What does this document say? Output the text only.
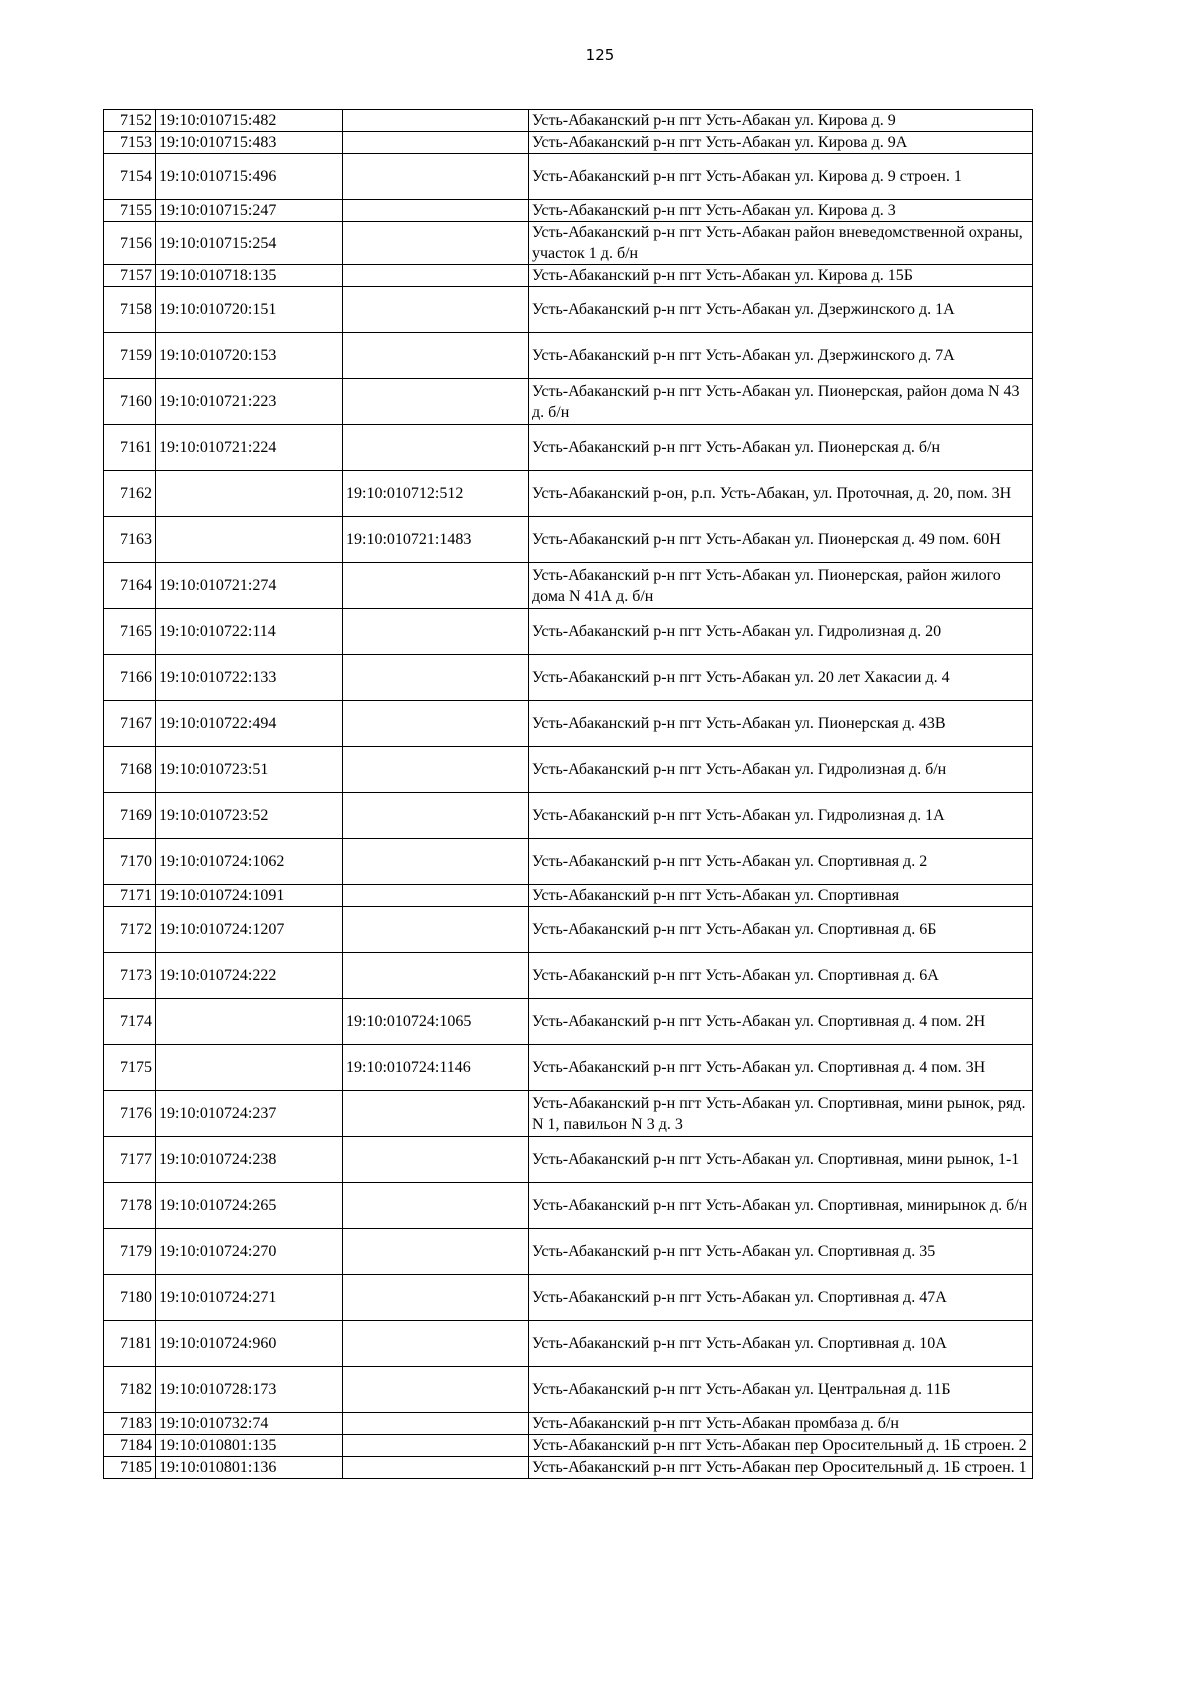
125
7152	19:10:010715:482		Усть-Абаканский р-н пгт Усть-Абакан ул. Кирова д. 9
7153	19:10:010715:483		Усть-Абаканский р-н пгт Усть-Абакан ул. Кирова д. 9А
7154	19:10:010715:496		Усть-Абаканский р-н пгт Усть-Абакан ул. Кирова д. 9 строен. 1
7155	19:10:010715:247		Усть-Абаканский р-н пгт Усть-Абакан ул. Кирова д. 3
7156	19:10:010715:254		Усть-Абаканский р-н пгт Усть-Абакан район вневедомственной охраны, участок 1 д. б/н
7157	19:10:010718:135		Усть-Абаканский р-н пгт Усть-Абакан ул. Кирова д. 15Б
7158	19:10:010720:151		Усть-Абаканский р-н пгт Усть-Абакан ул. Дзержинского д. 1А
7159	19:10:010720:153		Усть-Абаканский р-н пгт Усть-Абакан ул. Дзержинского д. 7А
7160	19:10:010721:223		Усть-Абаканский р-н пгт Усть-Абакан ул. Пионерская, район дома N 43 д. б/н
7161	19:10:010721:224		Усть-Абаканский р-н пгт Усть-Абакан ул. Пионерская д. б/н
7162		19:10:010712:512	Усть-Абаканский р-он, р.п. Усть-Абакан, ул. Проточная, д. 20, пом. 3Н
7163		19:10:010721:1483	Усть-Абаканский р-н пгт Усть-Абакан ул. Пионерская д. 49 пом. 60Н
7164	19:10:010721:274		Усть-Абаканский р-н пгт Усть-Абакан ул. Пионерская, район жилого дома N 41А д. б/н
7165	19:10:010722:114		Усть-Абаканский р-н пгт Усть-Абакан ул. Гидролизная д. 20
7166	19:10:010722:133		Усть-Абаканский р-н пгт Усть-Абакан ул. 20 лет Хакасии д. 4
7167	19:10:010722:494		Усть-Абаканский р-н пгт Усть-Абакан ул. Пионерская д. 43В
7168	19:10:010723:51		Усть-Абаканский р-н пгт Усть-Абакан ул. Гидролизная д. б/н
7169	19:10:010723:52		Усть-Абаканский р-н пгт Усть-Абакан ул. Гидролизная д. 1А
7170	19:10:010724:1062		Усть-Абаканский р-н пгт Усть-Абакан ул. Спортивная д. 2
7171	19:10:010724:1091		Усть-Абаканский р-н пгт Усть-Абакан ул. Спортивная
7172	19:10:010724:1207		Усть-Абаканский р-н пгт Усть-Абакан ул. Спортивная д. 6Б
7173	19:10:010724:222		Усть-Абаканский р-н пгт Усть-Абакан ул. Спортивная д. 6А
7174		19:10:010724:1065	Усть-Абаканский р-н пгт Усть-Абакан ул. Спортивная д. 4 пом. 2Н
7175		19:10:010724:1146	Усть-Абаканский р-н пгт Усть-Абакан ул. Спортивная д. 4 пом. 3Н
7176	19:10:010724:237		Усть-Абаканский р-н пгт Усть-Абакан ул. Спортивная, мини рынок, ряд. N 1, павильон N 3 д. 3
7177	19:10:010724:238		Усть-Абаканский р-н пгт Усть-Абакан ул. Спортивная, мини рынок, 1-1
7178	19:10:010724:265		Усть-Абаканский р-н пгт Усть-Абакан ул. Спортивная, минирынок д. б/н
7179	19:10:010724:270		Усть-Абаканский р-н пгт Усть-Абакан ул. Спортивная д. 35
7180	19:10:010724:271		Усть-Абаканский р-н пгт Усть-Абакан ул. Спортивная д. 47А
7181	19:10:010724:960		Усть-Абаканский р-н пгт Усть-Абакан ул. Спортивная д. 10А
7182	19:10:010728:173		Усть-Абаканский р-н пгт Усть-Абакан ул. Центральная д. 11Б
7183	19:10:010732:74		Усть-Абаканский р-н пгт Усть-Абакан промбаза д. б/н
7184	19:10:010801:135		Усть-Абаканский р-н пгт Усть-Абакан пер Оросительный д. 1Б строен. 2
7185	19:10:010801:136		Усть-Абаканский р-н пгт Усть-Абакан пер Оросительный д. 1Б строен. 1
